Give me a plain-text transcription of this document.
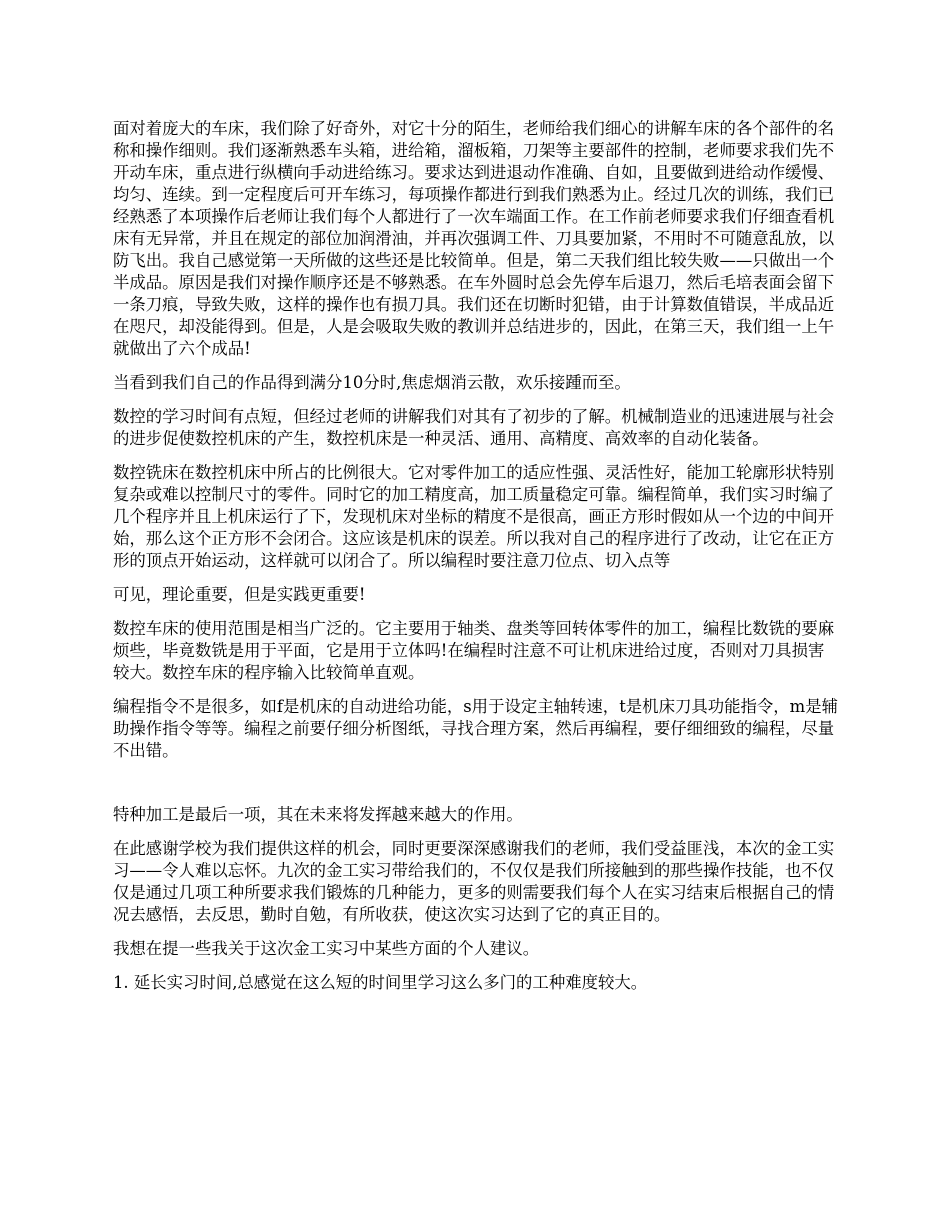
面对着庞大的车床，我们除了好奇外，对它十分的陌生，老师给我们细心的讲解车床的各个部件的名称和操作细则。我们逐渐熟悉车头箱，进给箱，溜板箱，刀架等主要部件的控制，老师要求我们先不开动车床，重点进行纵横向手动进给练习。要求达到进退动作准确、自如，且要做到进给动作缓慢、均匀、连续。到一定程度后可开车练习，每项操作都进行到我们熟悉为止。经过几次的训练，我们已经熟悉了本项操作后老师让我们每个人都进行了一次车端面工作。在工作前老师要求我们仔细查看机床有无异常，并且在规定的部位加润滑油，并再次强调工件、刀具要加紧，不用时不可随意乱放，以防飞出。我自己感觉第一天所做的这些还是比较简单。但是，第二天我们组比较失败——只做出一个半成品。原因是我们对操作顺序还是不够熟悉。在车外圆时总会先停车后退刀，然后毛培表面会留下一条刀痕，导致失败，这样的操作也有损刀具。我们还在切断时犯错，由于计算数值错误，半成品近在咫尺，却没能得到。但是，人是会吸取失败的教训并总结进步的，因此，在第三天，我们组一上午就做出了六个成品!

当看到我们自己的作品得到满分10分时,焦虑烟消云散，欢乐接踵而至。

数控的学习时间有点短，但经过老师的讲解我们对其有了初步的了解。机械制造业的迅速进展与社会的进步促使数控机床的产生，数控机床是一种灵活、通用、高精度、高效率的自动化装备。

数控铣床在数控机床中所占的比例很大。它对零件加工的适应性强、灵活性好，能加工轮廓形状特别复杂或难以控制尺寸的零件。同时它的加工精度高，加工质量稳定可靠。编程简单，我们实习时编了几个程序并且上机床运行了下，发现机床对坐标的精度不是很高，画正方形时假如从一个边的中间开始，那么这个正方形不会闭合。这应该是机床的误差。所以我对自己的程序进行了改动，让它在正方形的顶点开始运动，这样就可以闭合了。所以编程时要注意刀位点、切入点等

可见，理论重要，但是实践更重要!

数控车床的使用范围是相当广泛的。它主要用于轴类、盘类等回转体零件的加工，编程比数铣的要麻烦些，毕竟数铣是用于平面，它是用于立体吗!在编程时注意不可让机床进给过度，否则对刀具损害较大。数控车床的程序输入比较简单直观。

编程指令不是很多，如f是机床的自动进给功能，s用于设定主轴转速，t是机床刀具功能指令，m是辅助操作指令等等。编程之前要仔细分析图纸，寻找合理方案，然后再编程，要仔细细致的编程，尽量不出错。

特种加工是最后一项，其在未来将发挥越来越大的作用。

在此感谢学校为我们提供这样的机会，同时更要深深感谢我们的老师，我们受益匪浅，本次的金工实习——令人难以忘怀。九次的金工实习带给我们的，不仅仅是我们所接触到的那些操作技能，也不仅仅是通过几项工种所要求我们锻炼的几种能力，更多的则需要我们每个人在实习结束后根据自己的情况去感悟，去反思，勤时自勉，有所收获，使这次实习达到了它的真正目的。

我想在提一些我关于这次金工实习中某些方面的个人建议。

1. 延长实习时间,总感觉在这么短的时间里学习这么多门的工种难度较大。
